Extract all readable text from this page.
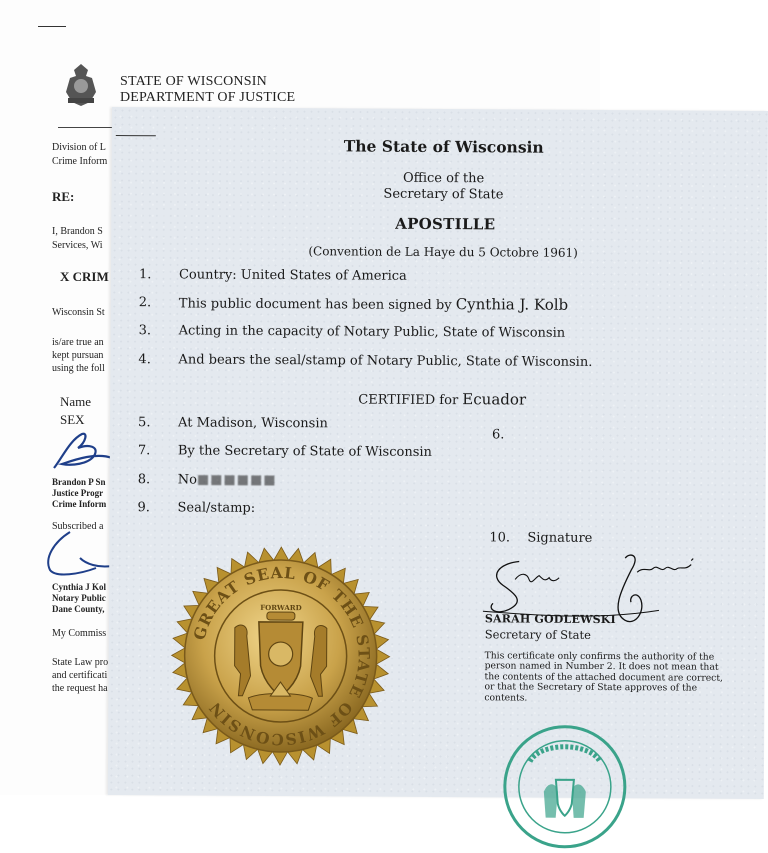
STATE OF WISCONSIN
DEPARTMENT OF JUSTICE
Division of L
Crime Inform
RE:
I, Brandon S
Services, Wi
X CRIM
Wisconsin St
is/are true an
kept pursuan
using the foll
Name
SEX
Brandon P Sn
Justice Progr
Crime Inform
Subscribed a
Cynthia J Kol
Notary Public
Dane County,
My Commiss
State Law pro
and certificati
the request ha
The State of Wisconsin
Office of the
Secretary of State
APOSTILLE
(Convention de La Haye du 5 Octobre 1961)
1. Country: United States of America
2. This public document has been signed by Cynthia J. Kolb
3. Acting in the capacity of Notary Public, State of Wisconsin
4. And bears the seal/stamp of Notary Public, State of Wisconsin.
CERTIFIED for Ecuador
5. At Madison, Wisconsin
6.
7. By the Secretary of State of Wisconsin
8. No■■■■■■
9. Seal/stamp:
10. Signature
SARAH GODLEWSKI
Secretary of State
This certificate only confirms the authority of the person named in Number 2. It does not mean that the contents of the attached document are correct, or that the Secretary of State approves of the contents.
GREAT SEAL OF THE STATE OF WISCONSIN
FORWARD
